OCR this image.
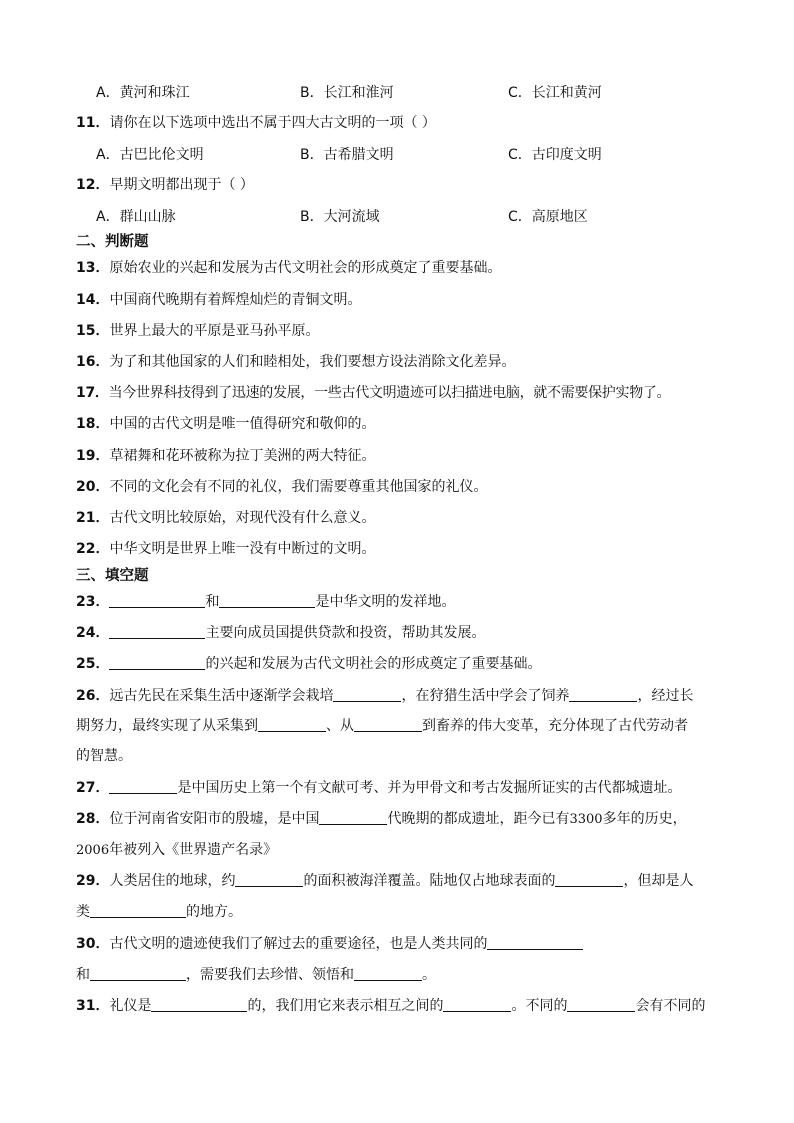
A．黄河和珠江	B．长江和淮河	C．长江和黄河
11．请你在以下选项中选出不属于四大古文明的一项（ ）
A．古巴比伦文明	B．古希腊文明	C．古印度文明
12．早期文明都出现于（ ）
A．群山山脉	B．大河流域	C．高原地区
二、判断题
13．原始农业的兴起和发展为古代文明社会的形成奠定了重要基础。
14．中国商代晚期有着辉煌灿烂的青铜文明。
15．世界上最大的平原是亚马孙平原。
16．为了和其他国家的人们和睦相处，我们要想方设法消除文化差异。
17．当今世界科技得到了迅速的发展，一些古代文明遗迹可以扫描进电脑，就不需要保护实物了。
18．中国的古代文明是唯一值得研究和敬仰的。
19．草裙舞和花环被称为拉丁美洲的两大特征。
20．不同的文化会有不同的礼仪，我们需要尊重其他国家的礼仪。
21．古代文明比较原始，对现代没有什么意义。
22．中华文明是世界上唯一没有中断过的文明。
三、填空题
23．	和	是中华文明的发祥地。
24．	主要向成员国提供贷款和投资，帮助其发展。
25．	的兴起和发展为古代文明社会的形成奠定了重要基础。
26．远古先民在采集生活中逐渐学会栽培	，在狩猎生活中学会了饲养	，经过长
期努力，最终实现了从采集到	、从	到畜养的伟大变革，充分体现了古代劳动者
的智慧。
27．	是中国历史上第一个有文献可考、并为甲骨文和考古发掘所证实的古代都城遗址。
28．位于河南省安阳市的殷墟，是中国	代晚期的都成遗址，距今已有3300多年的历史，
2006年被列入《世界遗产名录》
29．人类居住的地球，约	的面积被海洋覆盖。陆地仅占地球表面的	，但却是人
类	的地方。
30．古代文明的遗迹使我们了解过去的重要途径，也是人类共同的
和	，需要我们去珍惜、领悟和	。
31．礼仪是	的，我们用它来表示相互之间的	。不同的	会有不同的
